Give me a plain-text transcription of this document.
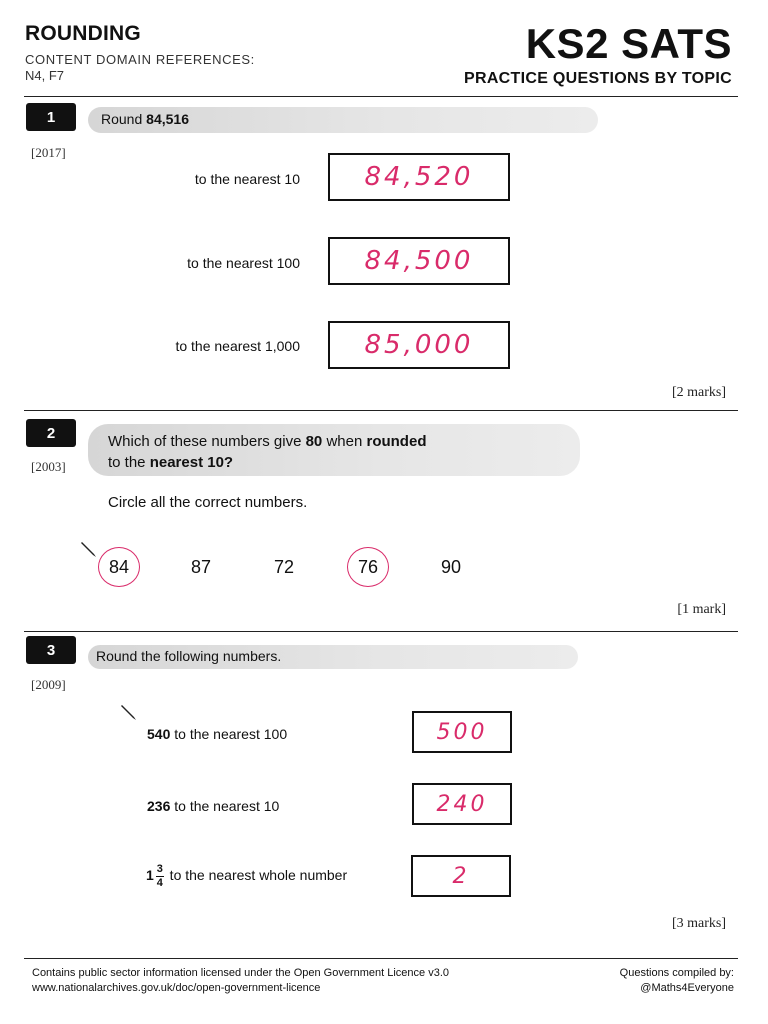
ROUNDING
CONTENT DOMAIN REFERENCES:
N4, F7
KS2 SATS
PRACTICE QUESTIONS BY TOPIC
1	Round 84,516
[2017]
to the nearest 10	84,520
to the nearest 100	84,500
to the nearest 1,000	85,000
[2 marks]
2	Which of these numbers give 80 when rounded
to the nearest 10?
[2003]
Circle all the correct numbers.
84	87	72	76	90
[1 mark]
3	Round the following numbers.
[2009]
540 to the nearest 100	500
236 to the nearest 10	240
$1 \frac{3}{4}$ to the nearest whole number	2
[3 marks]
Contains public sector information licensed under the Open Government Licence v3.0
www.nationalarchives.gov.uk/doc/open-government-licence
Questions compiled by:
@Maths4Everyone
